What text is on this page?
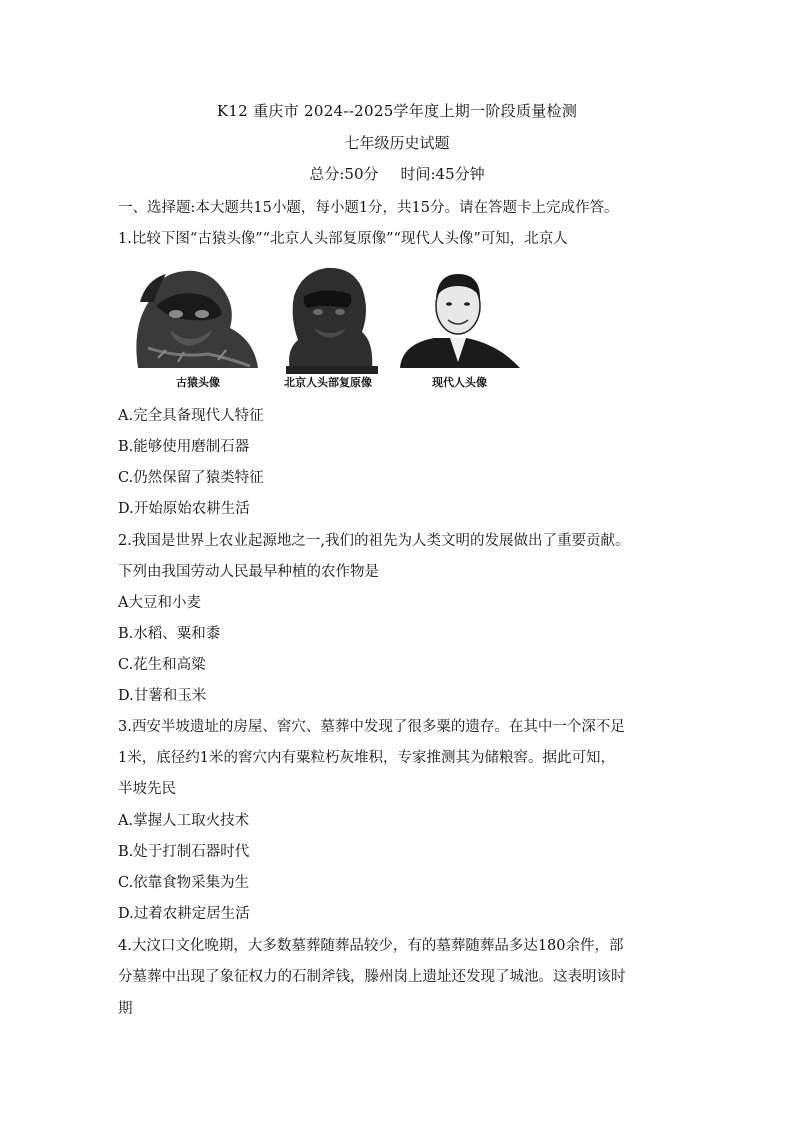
K12 重庆市 2024--2025学年度上期一阶段质量检测
七年级历史试题
总分:50分 时间:45分钟
一、选择题:本大题共15小题，每小题1分，共15分。请在答题卡上完成作答。
1.比较下图“古猿头像”“北京人头部复原像”“现代人头像”可知，北京人
古猿头像	北京人头部复原像	现代人头像
A.完全具备现代人特征
B.能够使用磨制石器
C.仍然保留了猿类特征
D.开始原始农耕生活
2.我国是世界上农业起源地之一,我们的祖先为人类文明的发展做出了重要贡献。
下列由我国劳动人民最早种植的农作物是
A大豆和小麦
B.水稻、粟和黍
C.花生和高粱
D.甘薯和玉米
3.西安半坡遗址的房屋、窖穴、墓葬中发现了很多粟的遗存。在其中一个深不足
1米，底径约1米的窖穴内有粟粒朽灰堆积，专家推测其为储粮窖。据此可知，
半坡先民
A.掌握人工取火技术
B.处于打制石器时代
C.依靠食物采集为生
D.过着农耕定居生活
4.大汶口文化晚期，大多数墓葬随葬品较少，有的墓葬随葬品多达180余件，部
分墓葬中出现了象征权力的石制斧钱，滕州岗上遗址还发现了城池。这表明该时
期
